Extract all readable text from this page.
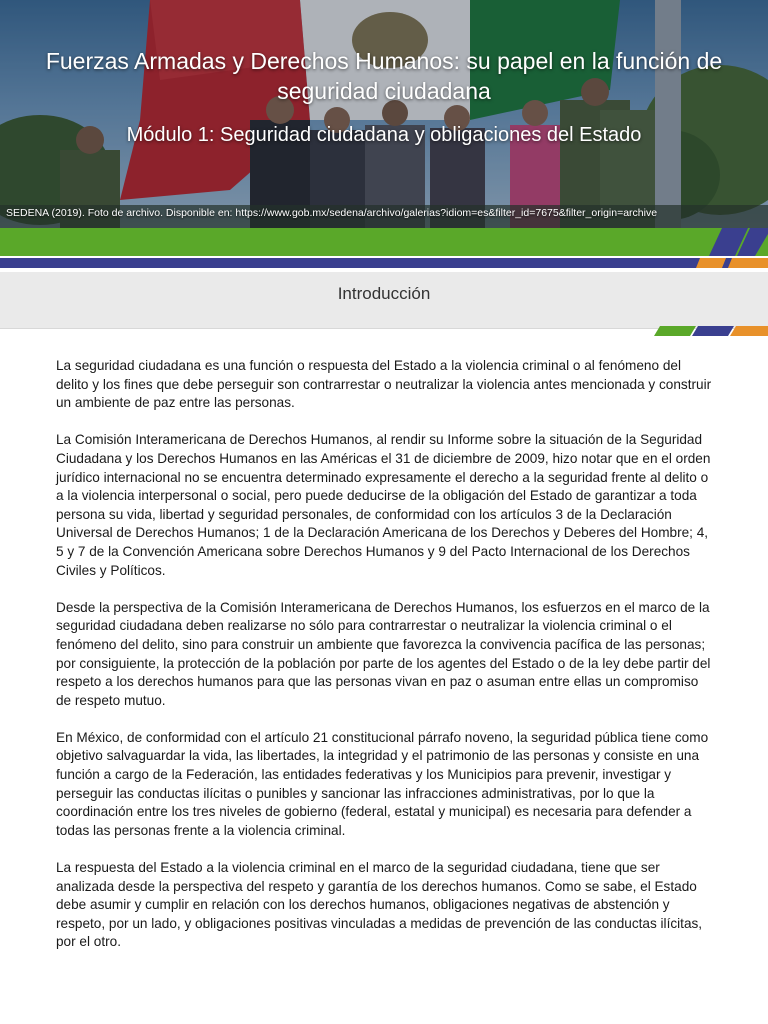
Fuerzas Armadas y Derechos Humanos: su papel en la función de seguridad ciudadana
Módulo 1: Seguridad ciudadana y obligaciones del Estado
SEDENA (2019). Foto de archivo. Disponible en: https://www.gob.mx/sedena/archivo/galerias?idiom=es&filter_id=7675&filter_origin=archive
Introducción

La seguridad ciudadana es una función o respuesta del Estado a la violencia criminal o al fenómeno del delito y los fines que debe perseguir son contrarrestar o neutralizar la violencia antes mencionada y construir un ambiente de paz entre las personas.

La Comisión Interamericana de Derechos Humanos, al rendir su Informe sobre la situación de la Seguridad Ciudadana y los Derechos Humanos en las Américas el 31 de diciembre de 2009, hizo notar que en el orden jurídico internacional no se encuentra determinado expresamente el derecho a la seguridad frente al delito o a la violencia interpersonal o social, pero puede deducirse de la obligación del Estado de garantizar a toda persona su vida, libertad y seguridad personales, de conformidad con los artículos 3 de la Declaración Universal de Derechos Humanos; 1 de la Declaración Americana de los Derechos y Deberes del Hombre; 4, 5 y 7 de la Convención Americana sobre Derechos Humanos y 9 del Pacto Internacional de los Derechos Civiles y Políticos.

Desde la perspectiva de la Comisión Interamericana de Derechos Humanos, los esfuerzos en el marco de la seguridad ciudadana deben realizarse no sólo para contrarrestar o neutralizar la violencia criminal o el fenómeno del delito, sino para construir un ambiente que favorezca la convivencia pacífica de las personas; por consiguiente, la protección de la población por parte de los agentes del Estado o de la ley debe partir del respeto a los derechos humanos para que las personas vivan en paz o asuman entre ellas un compromiso de respeto mutuo.

En México, de conformidad con el artículo 21 constitucional párrafo noveno, la seguridad pública tiene como objetivo salvaguardar la vida, las libertades, la integridad y el patrimonio de las personas y consiste en una función a cargo de la Federación, las entidades federativas y los Municipios para prevenir, investigar y perseguir las conductas ilícitas o punibles y sancionar las infracciones administrativas, por lo que la coordinación entre los tres niveles de gobierno (federal, estatal y municipal) es necesaria para defender a todas las personas frente a la violencia criminal.

La respuesta del Estado a la violencia criminal en el marco de la seguridad ciudadana, tiene que ser analizada desde la perspectiva del respeto y garantía de los derechos humanos. Como se sabe, el Estado debe asumir y cumplir en relación con los derechos humanos, obligaciones negativas de abstención y respeto, por un lado, y obligaciones positivas vinculadas a medidas de prevención de las conductas ilícitas, por el otro.
